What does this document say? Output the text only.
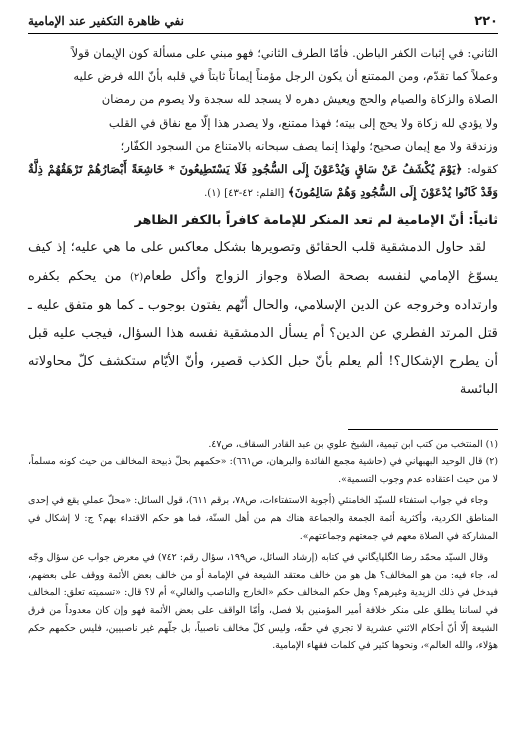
٢٢٠
نفي ظاهرة التكفير عند الإمامية

الثاني: في إثبات الكفر الباطن. فأمّا الطرف الثاني؛ فهو مبني على مسألة كون الإيمان قولاً

وعملاً كما تقدّم، ومن الممتنع أن يكون الرجل مؤمناً إيماناً ثابتاً في قلبه بأنّ الله فرض عليه

الصلاة والزكاة والصيام والحج ويعيش دهره لا يسجد لله سجدة ولا يصوم من رمضان

ولا يؤدي لله زكاة ولا يحج إلى بيته؛ فهذا ممتنع، ولا يصدر هذا إلّا مع نفاق في القلب

وزندقة ولا مع إيمان صحيح؛ ولهذا إنما يصف سبحانه بالامتناع من السجود الكفّار؛

كقوله: ﴿يَوْمَ يُكْشَفُ عَنْ سَاقٍ وَيُدْعَوْنَ إِلَى السُّجُودِ فَلَا يَسْتَطِيعُونَ * خَاشِعَةً أَبْصَارُهُمْ تَرْهَقُهُمْ ذِلَّةٌ وَقَدْ كَانُوا يُدْعَوْنَ إِلَى السُّجُودِ وَهُمْ سَالِمُونَ﴾ [القلم: ٤٢-٤٣] (١).

ثانياً: أنّ الإمامية لم تعد المنكر للإمامة كافراً بالكفر الظاهر

لقد حاول الدمشقية قلب الحقائق وتصويرها بشكل معاكس على ما هي عليه؛ إذ كيف يسوّغ الإمامي لنفسه بصحة الصلاة وجواز الزواج وأكل طعام(٢) من يحكم بكفره وارتداده وخروجه عن الدين الإسلامي، والحال أنّهم يفتون بوجوب ـ كما هو متفق عليه ـ قتل المرتد الفطري عن الدين؟ أم يسأل الدمشقية نفسه هذا السؤال، فيجب عليه قبل أن يطرح الإشكال؟! ألم يعلم بأنّ حبل الكذب قصير، وأنّ الأيّام ستكشف كلّ محاولاته البائسة

(١) المنتخب من كتب ابن تيمية، الشيخ علوي بن عبد القادر السقاف، ص٤٧.

(٢) قال الوحيد البهبهاني في (حاشية مجمع الفائدة والبرهان، ص٦٦١): «حكمهم بحلّ ذبيحة المخالف من حيث كونه مسلماً، لا من حيث اعتقاده عدم وجوب التسمية».

وجاء في جواب استفتاء للسيّد الخامنئي (أجوبة الاستفتاءات، ص٧٨، برقم ٦١١)، قول السائل: «محلّ عملي يقع في إحدى المناطق الكردية، وأكثرية أئمة الجمعة والجماعة هناك هم من أهل السنّة، فما هو حكم الاقتداء بهم؟ ج: لا إشكال في المشاركة في الصلاة معهم في جمعتهم وجماعتهم».

وقال السيّد محمّد رضا الگلپايگاني في كتابه (إرشاد السائل، ص١٩٩، سؤال رقم: ٧٤٢) في معرض جواب عن سؤال وجّه له، جاء فيه: من هو المخالف؟ هل هو من خالف معتقد الشيعة في الإمامة أو من خالف بعض الأئمة ووقف على بعضهم، فيدخل في ذلك الزيدية وغيرهم؟ وهل حكم المخالف حكم «الخارج والناصب والغالي» أم لا؟ قال: «تسميته تعلق: المخالف في لساننا يطلق على منكر خلافة أمير المؤمنين بلا فصل، وأمّا الواقف على بعض الأئمة فهو وإن كان معدوداً من فرق الشيعة إلّا أنّ أحكام الاثني عشرية لا تجري في حقّه، وليس كلّ مخالف ناصبياً، بل جلّهم غير ناصبيين، فليس حكمهم حكم هؤلاء، والله العالم»، ونحوها كثير في كلمات فقهاء الإمامية.
